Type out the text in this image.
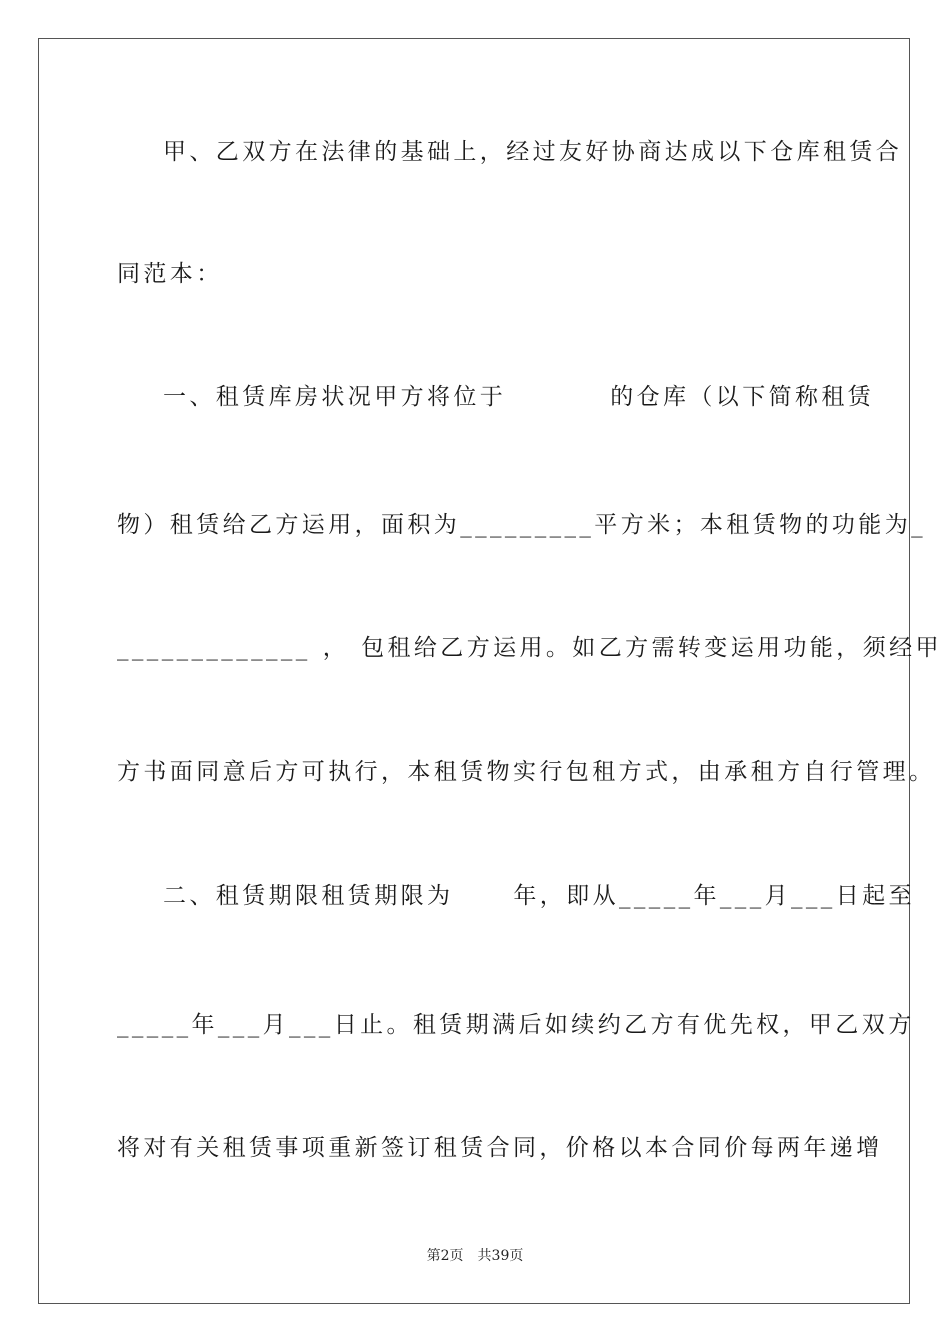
甲、乙双方在法律的基础上，经过友好协商达成以下仓库租赁合
同范本：
一、租赁库房状况甲方将位于	的仓库（以下简称租赁
物）租赁给乙方运用，面积为_________平方米；本租赁物的功能为_
_____________ ， 包租给乙方运用。如乙方需转变运用功能，须经甲
方书面同意后方可执行，本租赁物实行包租方式，由承租方自行管理。
二、租赁期限租赁期限为	年，即从_____年___月___日起至
_____年___月___日止。租赁期满后如续约乙方有优先权，甲乙双方
将对有关租赁事项重新签订租赁合同，价格以本合同价每两年递增
第2页 共39页
